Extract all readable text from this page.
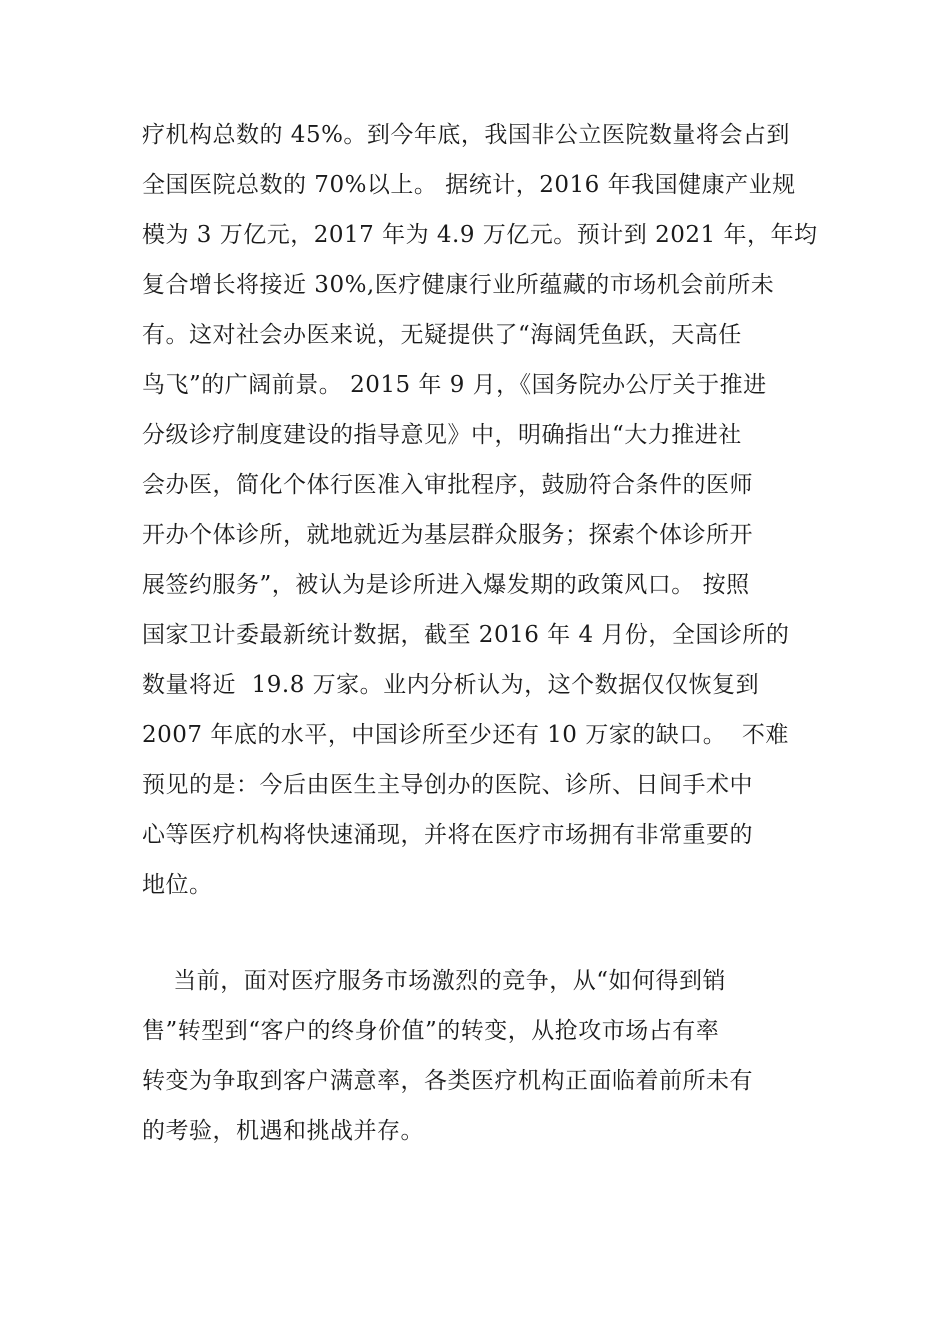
疗机构总数的 45%。到今年底，我国非公立医院数量将会占到
全国医院总数的 70%以上。 据统计，2016 年我国健康产业规
模为 3 万亿元，2017 年为 4.9 万亿元。预计到 2021 年，年均
复合增长将接近 30%,医疗健康行业所蕴藏的市场机会前所未
有。这对社会办医来说，无疑提供了“海阔凭鱼跃，天高任
鸟飞”的广阔前景。 2015 年 9 月，《国务院办公厅关于推进
分级诊疗制度建设的指导意见》中，明确指出“大力推进社
会办医，简化个体行医准入审批程序，鼓励符合条件的医师
开办个体诊所，就地就近为基层群众服务；探索个体诊所开
展签约服务”，被认为是诊所进入爆发期的政策风口。 按照
国家卫计委最新统计数据，截至 2016 年 4 月份，全国诊所的
数量将近  19.8 万家。业内分析认为，这个数据仅仅恢复到
2007 年底的水平，中国诊所至少还有 10 万家的缺口。  不难
预见的是：今后由医生主导创办的医院、诊所、日间手术中
心等医疗机构将快速涌现，并将在医疗市场拥有非常重要的
地位。
当前，面对医疗服务市场激烈的竞争，从“如何得到销
售”转型到“客户的终身价值”的转变，从抢攻市场占有率
转变为争取到客户满意率，各类医疗机构正面临着前所未有
的考验，机遇和挑战并存。
